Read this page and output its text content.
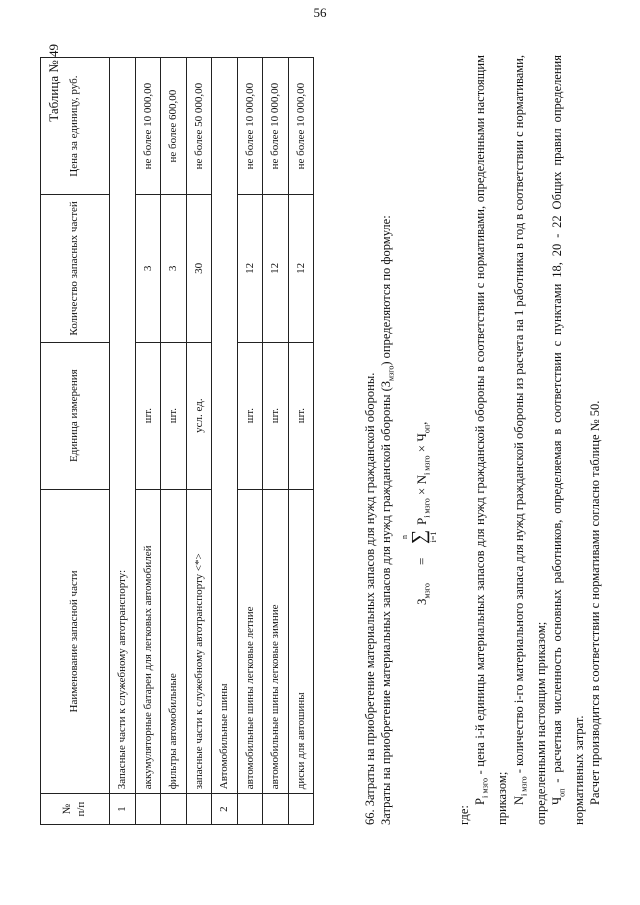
56
Таблица № 49
№ п/п	Наименование запасной части	Единица измерения	Количество запасных частей	Цена за единицу, руб.
1	Запасные части к служебному автотранспорту:			
	аккумуляторные батареи для легковых автомобилей	шт.	3	не более 10 000,00
	фильтры автомобильные	шт.	3	не более 600,00
	запасные части к служебному автотранспорту <*>	усл. ед.	30	не более 50 000,00
2	Автомобильные шины			
	автомобильные шины легковые летние	шт.	12	не более 10 000,00
	автомобильные шины легковые зимние	шт.	12	не более 10 000,00
	диски для автошины	шт.	12	не более 10 000,00

66. Затраты на приобретение материальных запасов для нужд гражданской обороны. Затраты на приобретение материальных запасов для нужд гражданской обороны $(З_{мзго})$ определяются по формуле:

$З_{мзго}$
=
n ∑ i=1
$P_{i мзго} \times N_{i мзго} \times Ч_{оп}$,

где:

$P_{i мзго}$ - цена i-й единицы материальных запасов для нужд гражданской обороны в соответствии с нормативами, определенными настоящим приказом; $N_{i мзго}$ - количество i-го материального запаса для нужд гражданской обороны из расчета на 1 работника в год в соответствии с нормативами, определенными настоящим приказом; $Ч_{оп}$ - расчетная численность основных работников, определяемая в соответствии с пунктами 18, 20 - 22 Общих правил определения нормативных затрат. Расчет производится в соответствии с нормативами согласно таблице № 50.
